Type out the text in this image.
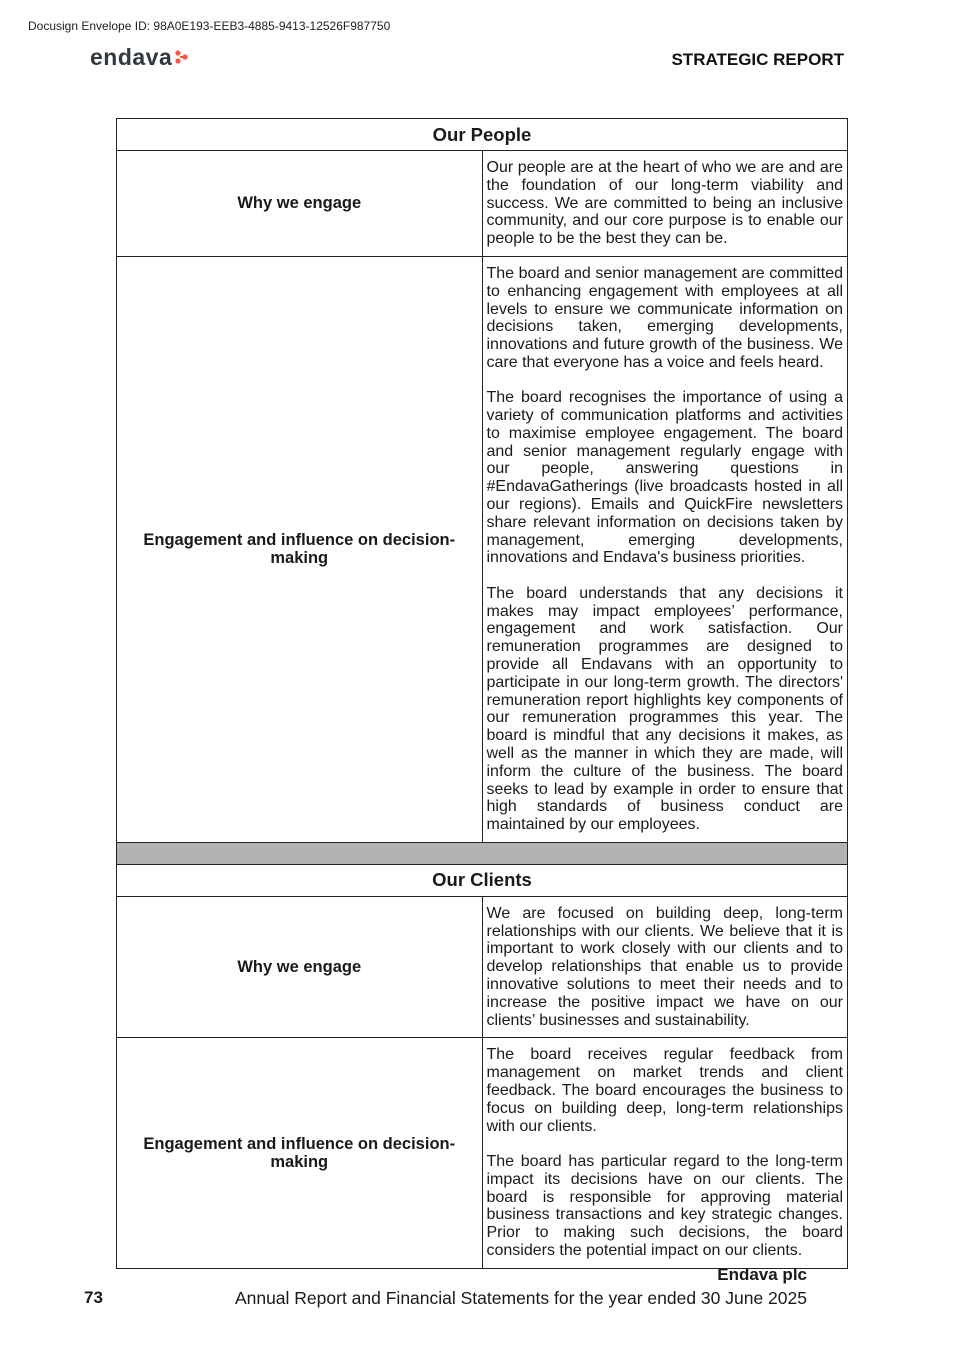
Docusign Envelope ID: 98A0E193-EEB3-4885-9413-12526F987750
endava	STRATEGIC REPORT
Our People	
Why we engage	Our people are at the heart of who we are and are the foundation of our long-term viability and success. We are committed to being an inclusive community, and our core purpose is to enable our people to be the best they can be.

Engagement and influence on decision-making	The board and senior management are committed to enhancing engagement with employees at all levels to ensure we communicate information on decisions taken, emerging developments, innovations and future growth of the business. We care that everyone has a voice and feels heard.

The board recognises the importance of using a variety of communication platforms and activities to maximise employee engagement. The board and senior management regularly engage with our people, answering questions in #EndavaGatherings (live broadcasts hosted in all our regions). Emails and QuickFire newsletters share relevant information on decisions taken by management, emerging developments, innovations and Endava's business priorities.

The board understands that any decisions it makes may impact employees’ performance, engagement and work satisfaction. Our remuneration programmes are designed to provide all Endavans with an opportunity to participate in our long-term growth. The directors' remuneration report highlights key components of our remuneration programmes this year. The board is mindful that any decisions it makes, as well as the manner in which they are made, will inform the culture of the business. The board seeks to lead by example in order to ensure that high standards of business conduct are maintained by our employees.

Our Clients	
Why we engage	We are focused on building deep, long-term relationships with our clients. We believe that it is important to work closely with our clients and to develop relationships that enable us to provide innovative solutions to meet their needs and to increase the positive impact we have on our clients’ businesses and sustainability.

Engagement and influence on decision-making	The board receives regular feedback from management on market trends and client feedback. The board encourages the business to focus on building deep, long-term relationships with our clients.

The board has particular regard to the long-term impact its decisions have on our clients. The board is responsible for approving material business transactions and key strategic changes. Prior to making such decisions, the board considers the potential impact on our clients.

Endava plc
73	Annual Report and Financial Statements for the year ended 30 June 2025
